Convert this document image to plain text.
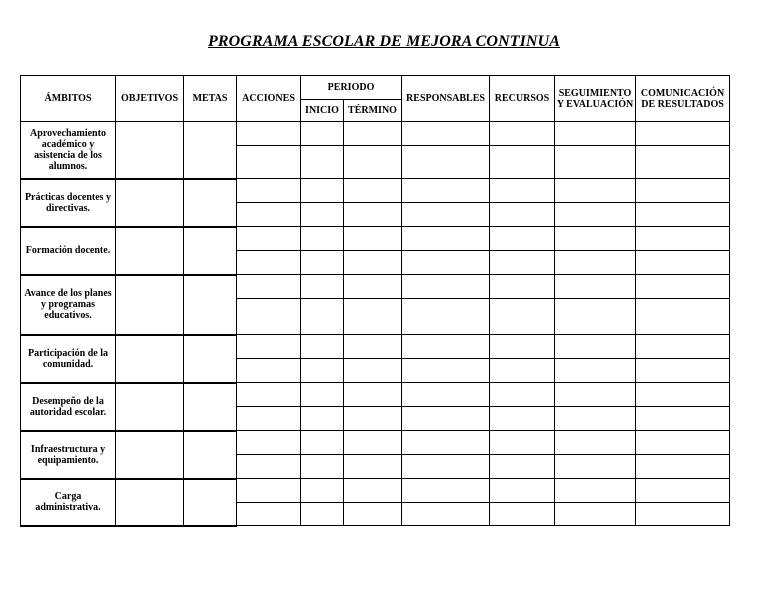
PROGRAMA ESCOLAR DE MEJORA CONTINUA
ÁMBITOS	OBJETIVOS	METAS	ACCIONES	PERIODO		RESPONSABLES	RECURSOS	SEGUIMIENTO Y EVALUACIÓN	COMUNICACIÓN DE RESULTADOS
				INICIO	TÉRMINO				
Aprovechamiento académico y asistencia de los alumnos.									

Prácticas docentes y directivas.									

Formación docente.									

Avance de los planes y programas educativos.									

Participación de la comunidad.									

Desempeño de la autoridad escolar.									

Infraestructura y equipamiento.									

Carga administrativa.									
